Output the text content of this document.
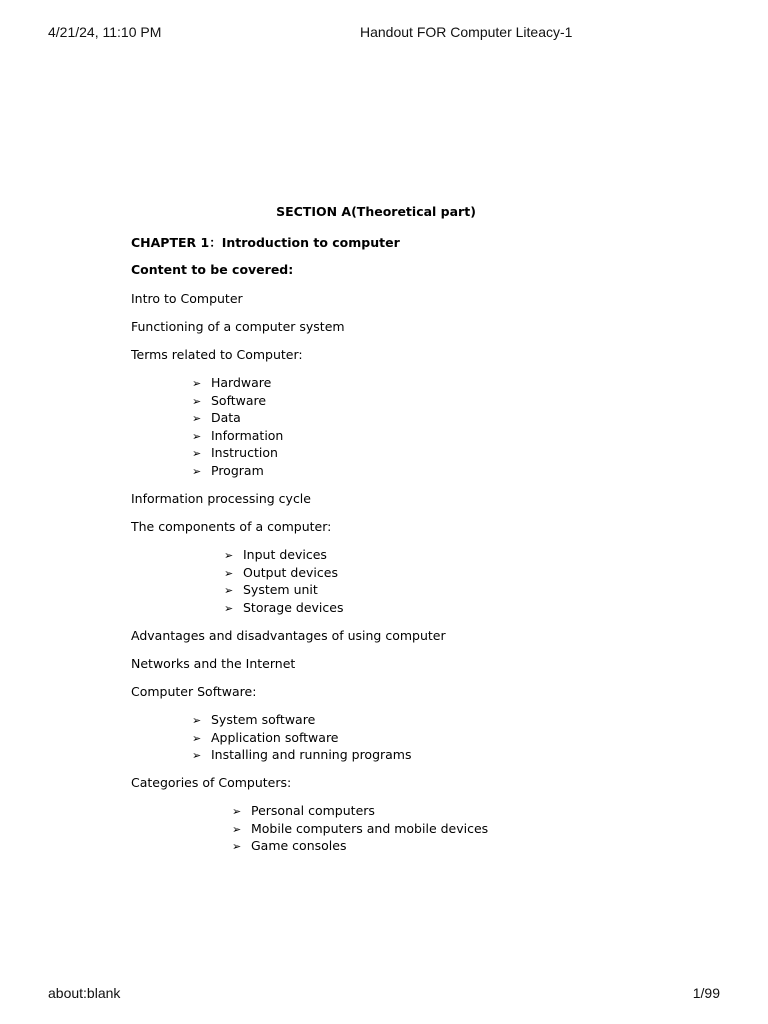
4/21/24, 11:10 PM	Handout FOR Computer Liteacy-1
SECTION A(Theoretical part)
CHAPTER 1：Introduction to computer
Content to be covered:
Intro to Computer
Functioning of a computer system
Terms related to Computer:
➢ Hardware
➢ Software
➢ Data
➢ Information
➢ Instruction
➢ Program
Information processing cycle
The components of a computer:
➢ Input devices
➢ Output devices
➢ System unit
➢ Storage devices
Advantages and disadvantages of using computer
Networks and the Internet
Computer Software:
➢ System software
➢ Application software
➢ Installing and running programs
Categories of Computers:
➢ Personal computers
➢ Mobile computers and mobile devices
➢ Game consoles
about:blank	1/99
